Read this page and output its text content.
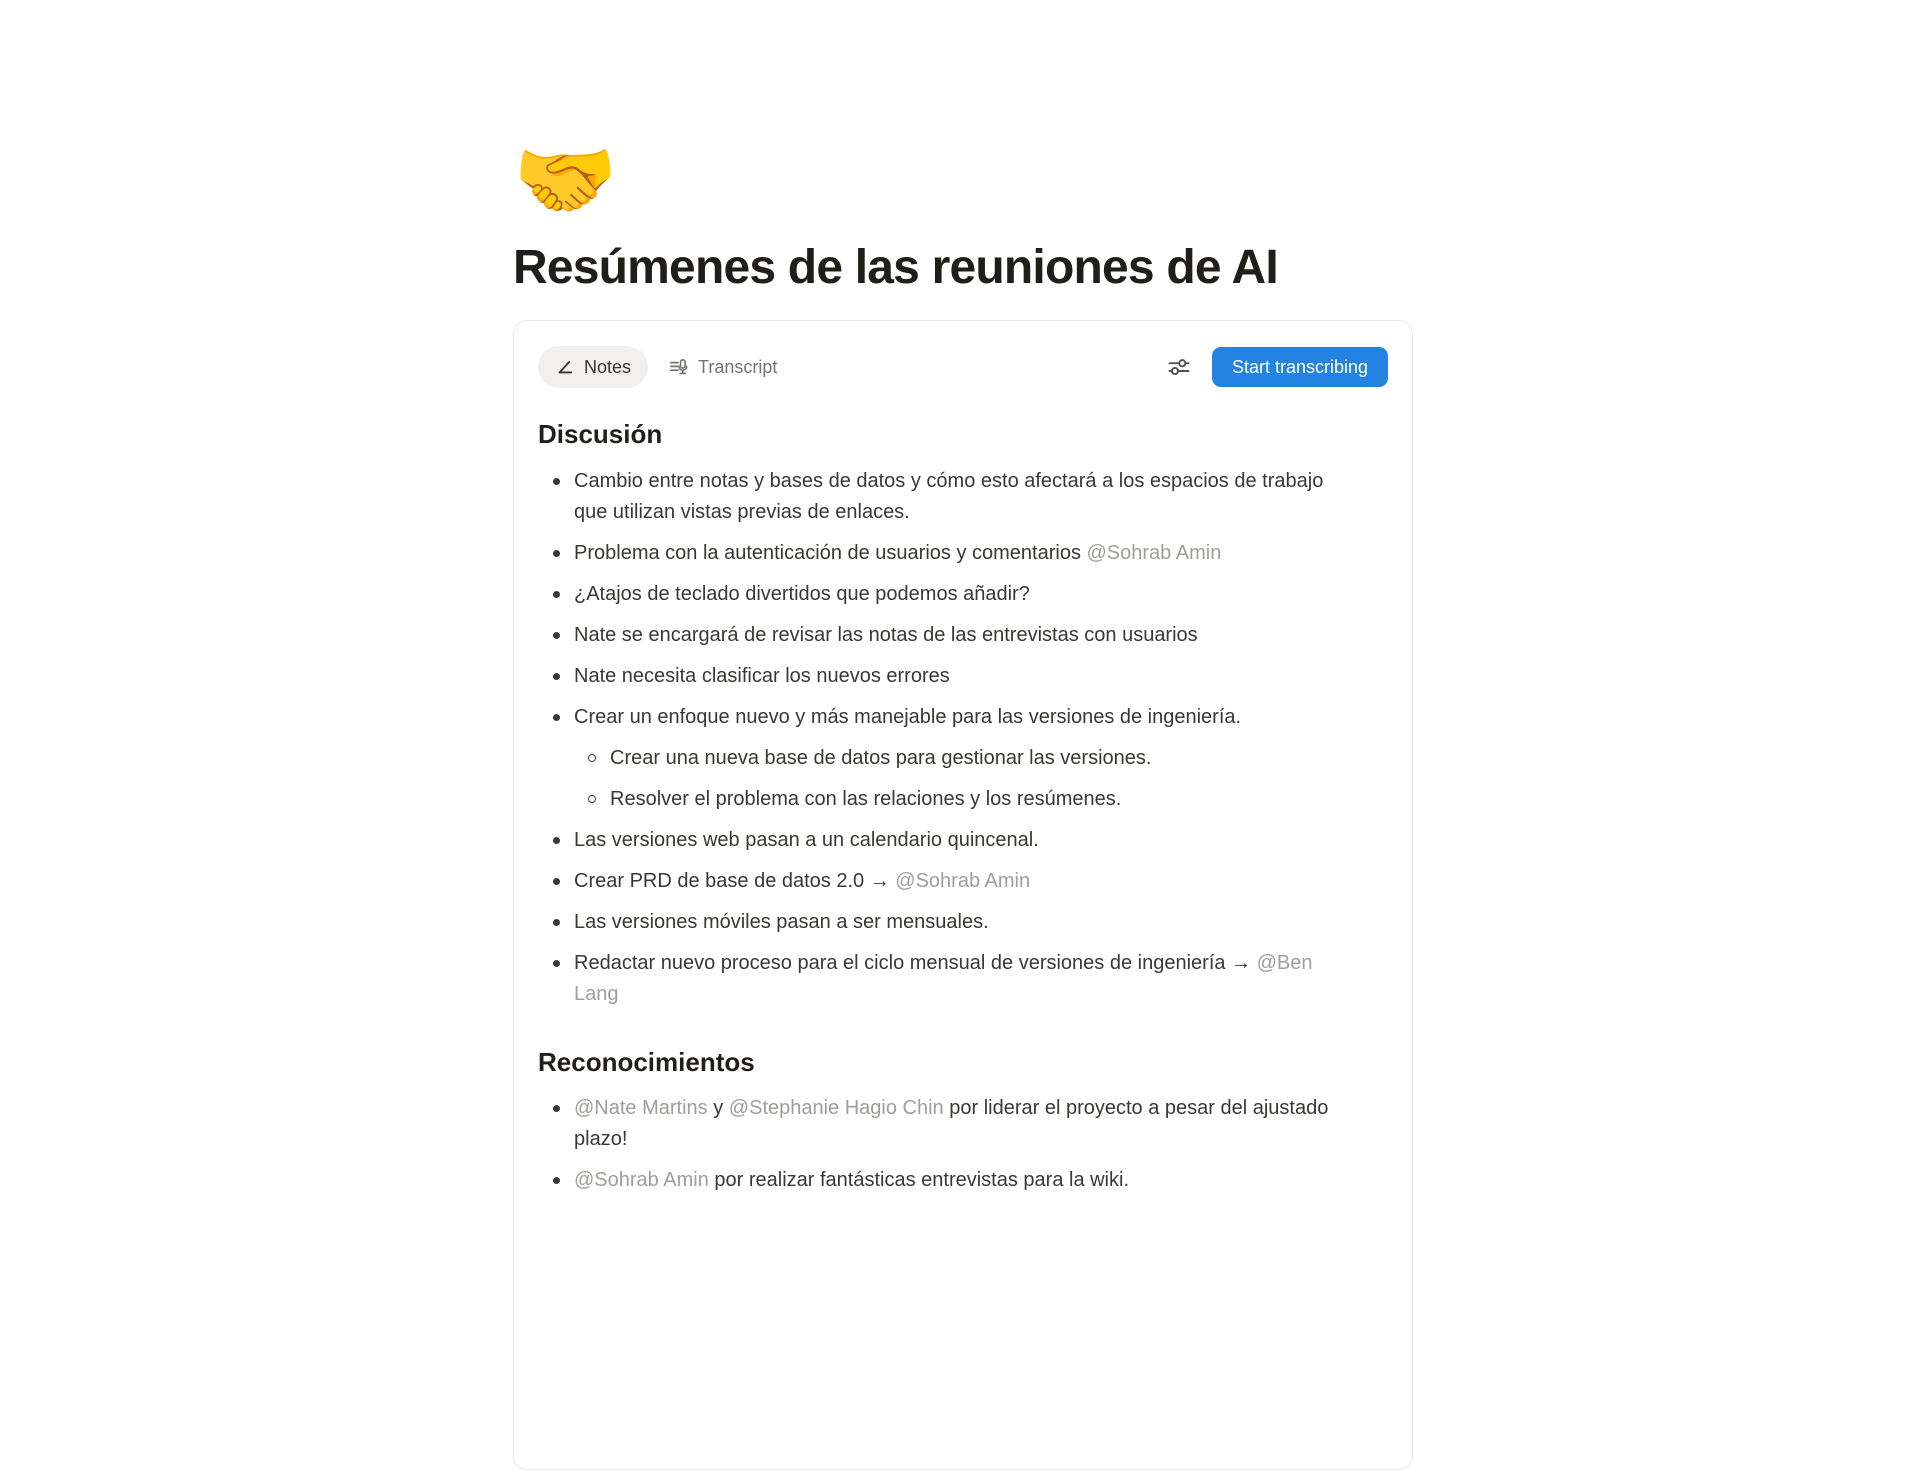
🤝
Resúmenes de las reuniones de AI
Notes	Transcript	Start transcribing
Discusión
Cambio entre notas y bases de datos y cómo esto afectará a los espacios de trabajo
que utilizan vistas previas de enlaces.
Problema con la autenticación de usuarios y comentarios @Sohrab Amin
¿Atajos de teclado divertidos que podemos añadir?
Nate se encargará de revisar las notas de las entrevistas con usuarios
Nate necesita clasificar los nuevos errores
Crear un enfoque nuevo y más manejable para las versiones de ingeniería.
Crear una nueva base de datos para gestionar las versiones.
Resolver el problema con las relaciones y los resúmenes.
Las versiones web pasan a un calendario quincenal.
Crear PRD de base de datos 2.0 → @Sohrab Amin
Las versiones móviles pasan a ser mensuales.
Redactar nuevo proceso para el ciclo mensual de versiones de ingeniería → @Ben
Lang
Reconocimientos
@Nate Martins y @Stephanie Hagio Chin por liderar el proyecto a pesar del ajustado
plazo!
@Sohrab Amin por realizar fantásticas entrevistas para la wiki.
